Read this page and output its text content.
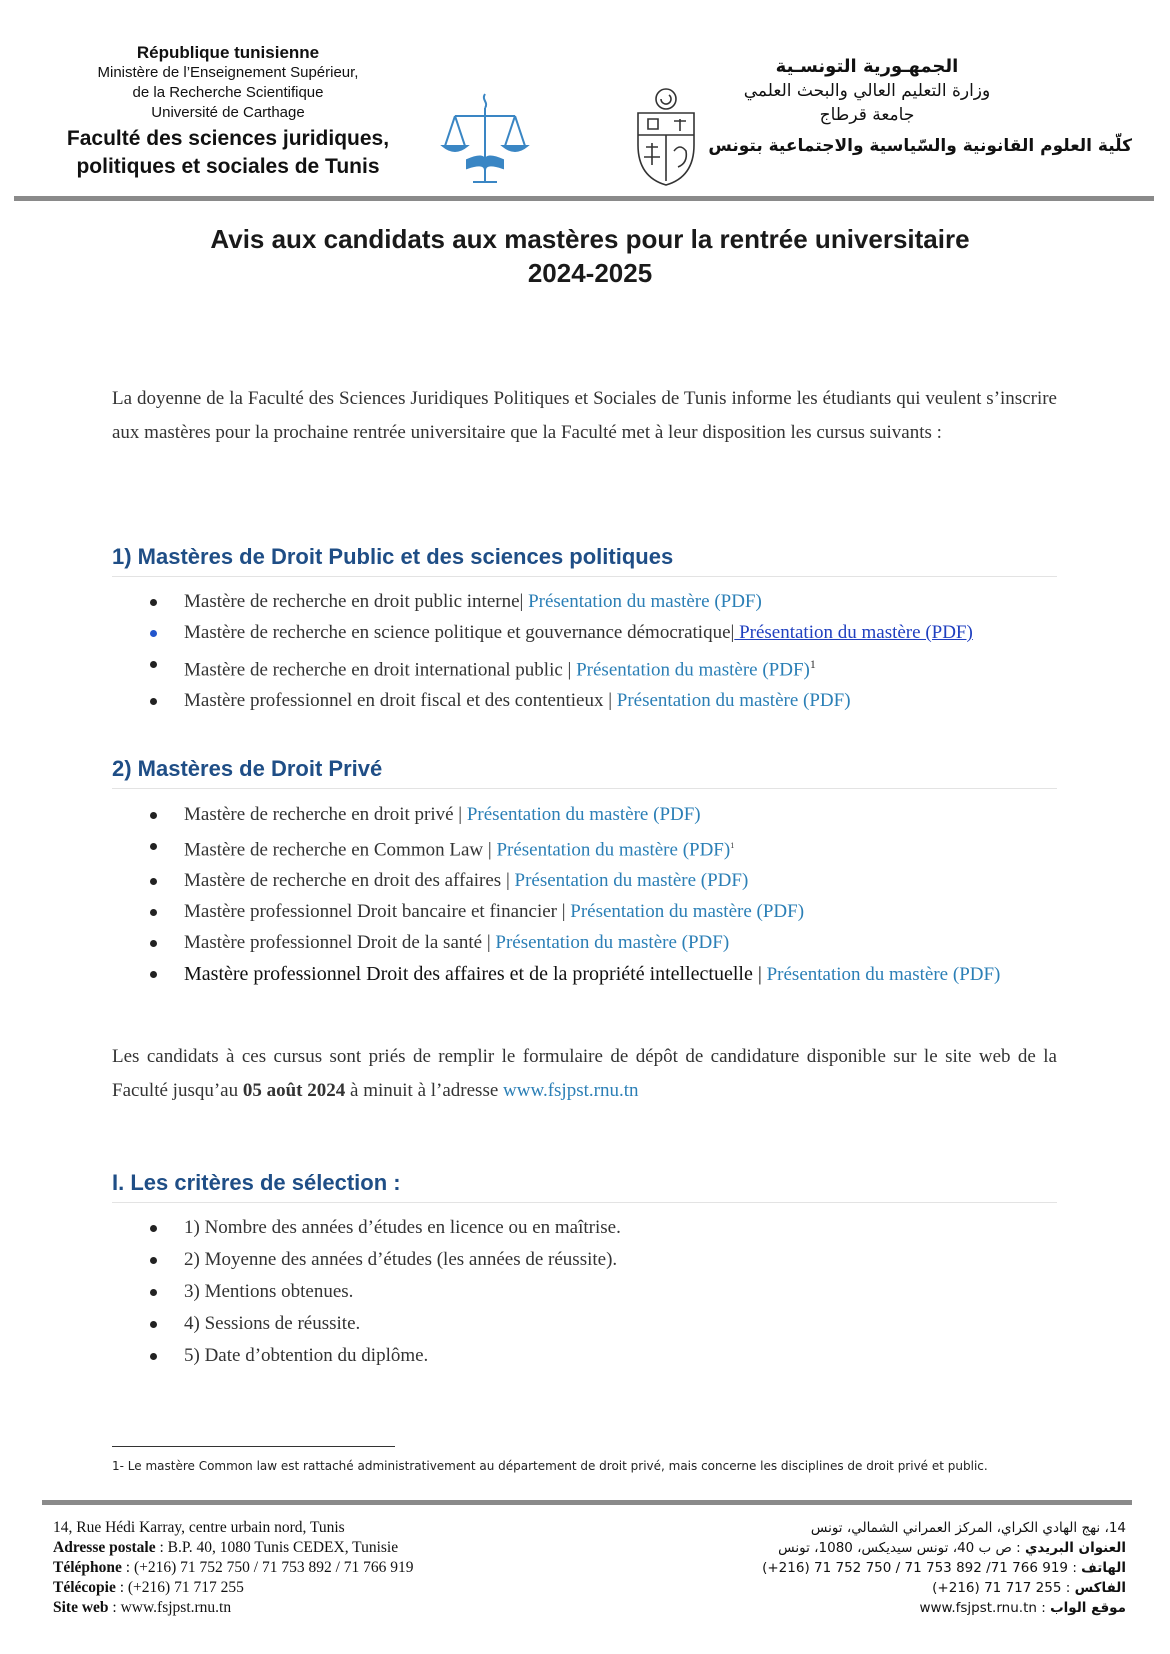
République tunisienne
Ministère de l’Enseignement Supérieur,
de la Recherche Scientifique
Université de Carthage
Faculté des sciences juridiques,
politiques et sociales de Tunis
الجمهـورية التونسـية
وزارة التعليم العالي والبحث العلمي
جامعة قرطاج
كلّية العلوم القانونية والسّياسية والاجتماعية بتونس
Avis aux candidats aux mastères pour la rentrée universitaire
2024-2025
La doyenne de la Faculté des Sciences Juridiques Politiques et Sociales de Tunis informe les étudiants qui veulent s’inscrire aux mastères pour la prochaine rentrée universitaire que la Faculté met à leur disposition les cursus suivants :
1) Mastères de Droit Public et des sciences politiques
Mastère de recherche en droit public interne| Présentation du mastère (PDF)
Mastère de recherche en science politique et gouvernance démocratique| Présentation du mastère (PDF)
Mastère de recherche en droit international public | Présentation du mastère (PDF)$^1$
Mastère professionnel en droit fiscal et des contentieux | Présentation du mastère (PDF)
2) Mastères de Droit Privé
Mastère de recherche en droit privé | Présentation du mastère (PDF)
Mastère de recherche en Common Law | Présentation du mastère (PDF)$^1$
Mastère de recherche en droit des affaires | Présentation du mastère (PDF)
Mastère professionnel Droit bancaire et financier | Présentation du mastère (PDF)
Mastère professionnel Droit de la santé | Présentation du mastère (PDF)
Mastère professionnel Droit des affaires et de la propriété intellectuelle | Présentation du mastère (PDF)
Les candidats à ces cursus sont priés de remplir le formulaire de dépôt de candidature disponible sur le site web de la Faculté jusqu’au 05 août 2024 à minuit à l’adresse www.fsjpst.rnu.tn
I. Les critères de sélection :
1) Nombre des années d’études en licence ou en maîtrise.
2) Moyenne des années d’études (les années de réussite).
3) Mentions obtenues.
4) Sessions de réussite.
5) Date d’obtention du diplôme.
1- Le mastère Common law est rattaché administrativement au département de droit privé, mais concerne les disciplines de droit privé et public.
14, Rue Hédi Karray, centre urbain nord, Tunis
Adresse postale : B.P. 40, 1080 Tunis CEDEX, Tunisie
Téléphone : (+216) 71 752 750 / 71 753 892 / 71 766 919
Télécopie : (+216) 71 717 255
Site web : www.fsjpst.rnu.tn
14، نهج الهادي الكراي، المركز العمراني الشمالي، تونس
العنوان البريدي : ص ب 40، تونس سيديكس، 1080، تونس
الهاتف : 919 766 71/ 892 753 71 / 750 752 71 (216+)
الفاكس : 255 717 71 (216+)
موقع الواب : www.fsjpst.rnu.tn
